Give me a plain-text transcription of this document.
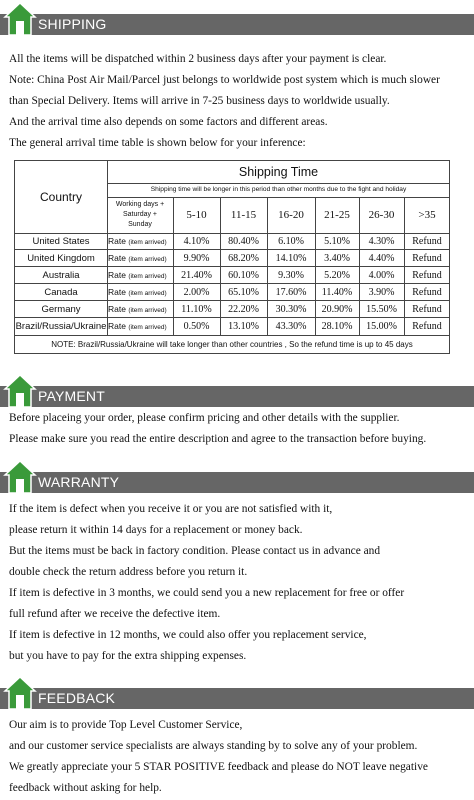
SHIPPING
All the items will be dispatched within 2 business days after your payment is clear.
Note: China Post Air Mail/Parcel just belongs to worldwide post system which is much slower
than Special Delivery. Items will arrive in 7-25 business days to worldwide usually.
And the arrival time also depends on some factors and different areas.
The general arrival time table is shown below for your inference:
Country
Shipping Time
Shipping time will be longer in this period than other months due to the fight and holiday
Working days +
Saturday +
Sunday
5-10	11-15	16-20	21-25	26-30	>35
United States	Rate (item arrived)	4.10%	80.40%	6.10%	5.10%	4.30%	Refund
United Kingdom	Rate (item arrived)	9.90%	68.20%	14.10%	3.40%	4.40%	Refund
Australia	Rate (item arrived)	21.40%	60.10%	9.30%	5.20%	4.00%	Refund
Canada	Rate (item arrived)	2.00%	65.10%	17.60%	11.40%	3.90%	Refund
Germany	Rate (item arrived)	11.10%	22.20%	30.30%	20.90%	15.50%	Refund
Brazil/Russia/Ukraine Rate (item arrived)	0.50%	13.10%	43.30%	28.10%	15.00%	Refund
NOTE: Brazil/Russia/Ukraine will take longer than other countries , So the refund time is up to 45 days
PAYMENT
Before placeing your order, please confirm pricing and other details with the supplier.
Please make sure you read the entire description and agree to the transaction before buying.
WARRANTY
If the item is defect when you receive it or you are not satisfied with it,
please return it within 14 days for a replacement or money back.
But the items must be back in factory condition. Please contact us in advance and
double check the return address before you return it.
If item is defective in 3 months, we could send you a new replacement for free or offer
full refund after we receive the defective item.
If item is defective in 12 months, we could also offer you replacement service,
but you have to pay for the extra shipping expenses.
FEEDBACK
Our aim is to provide Top Level Customer Service,
and our customer service specialists are always standing by to solve any of your problem.
We greatly appreciate your 5 STAR POSITIVE feedback and please do NOT leave negative
feedback without asking for help.
